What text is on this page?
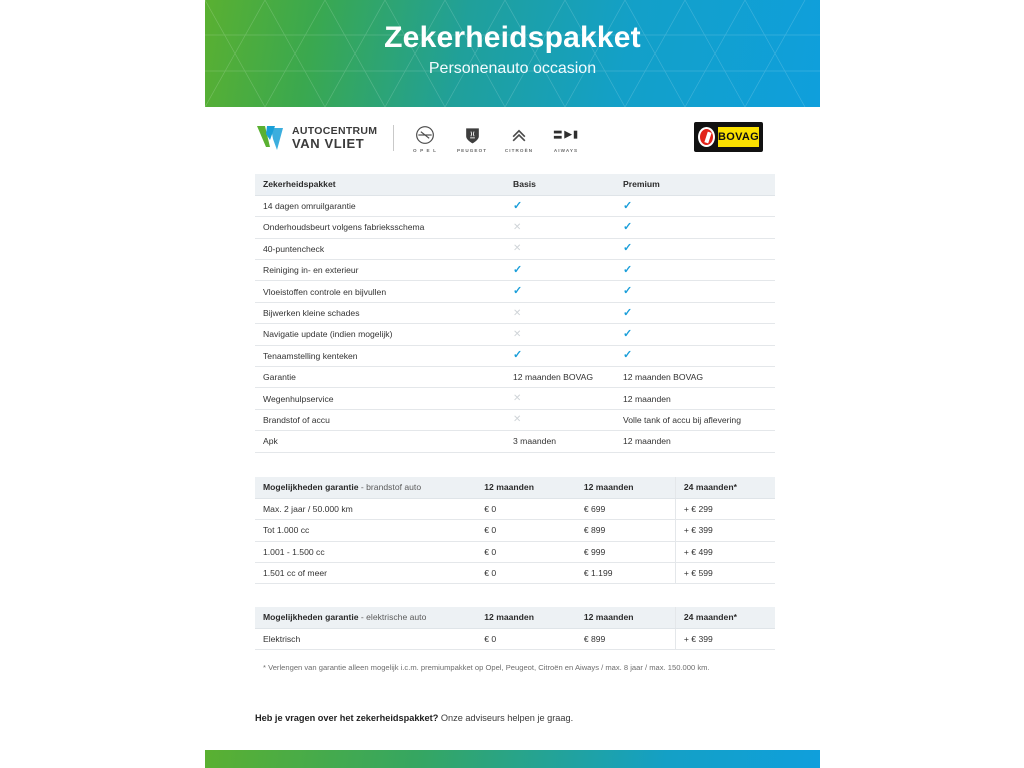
Zekerheidspakket
Personenauto occasion
AUTOCENTRUM
VAN VLIET	O P E L	PEUGEOT	CITROËN	AIWAYS
BOVAG
Zekerheidspakket	Basis	Premium
14 dagen omruilgarantie	✓	✓
Onderhoudsbeurt volgens fabrieksschema	✕	✓
40-puntencheck	✕	✓
Reiniging in- en exterieur	✓	✓
Vloeistoffen controle en bijvullen	✓	✓
Bijwerken kleine schades	✕	✓
Navigatie update (indien mogelijk)	✕	✓
Tenaamstelling kenteken	✓	✓
Garantie	12 maanden BOVAG	12 maanden BOVAG
Wegenhulpservice	✕	12 maanden
Brandstof of accu	✕	Volle tank of accu bij aflevering
Apk	3 maanden	12 maanden
Mogelijkheden garantie - brandstof auto	12 maanden	12 maanden	24 maanden*
Max. 2 jaar / 50.000 km	€ 0	€ 699	+ € 299
Tot 1.000 cc	€ 0	€ 899	+ € 399
1.001 - 1.500 cc	€ 0	€ 999	+ € 499
1.501 cc of meer	€ 0	€ 1.199	+ € 599
Mogelijkheden garantie - elektrische auto	12 maanden	12 maanden	24 maanden*
Elektrisch	€ 0	€ 899	+ € 399
* Verlengen van garantie alleen mogelijk i.c.m. premiumpakket op Opel, Peugeot, Citroën en Aiways / max. 8 jaar / max. 150.000 km.
Heb je vragen over het zekerheidspakket? Onze adviseurs helpen je graag.
